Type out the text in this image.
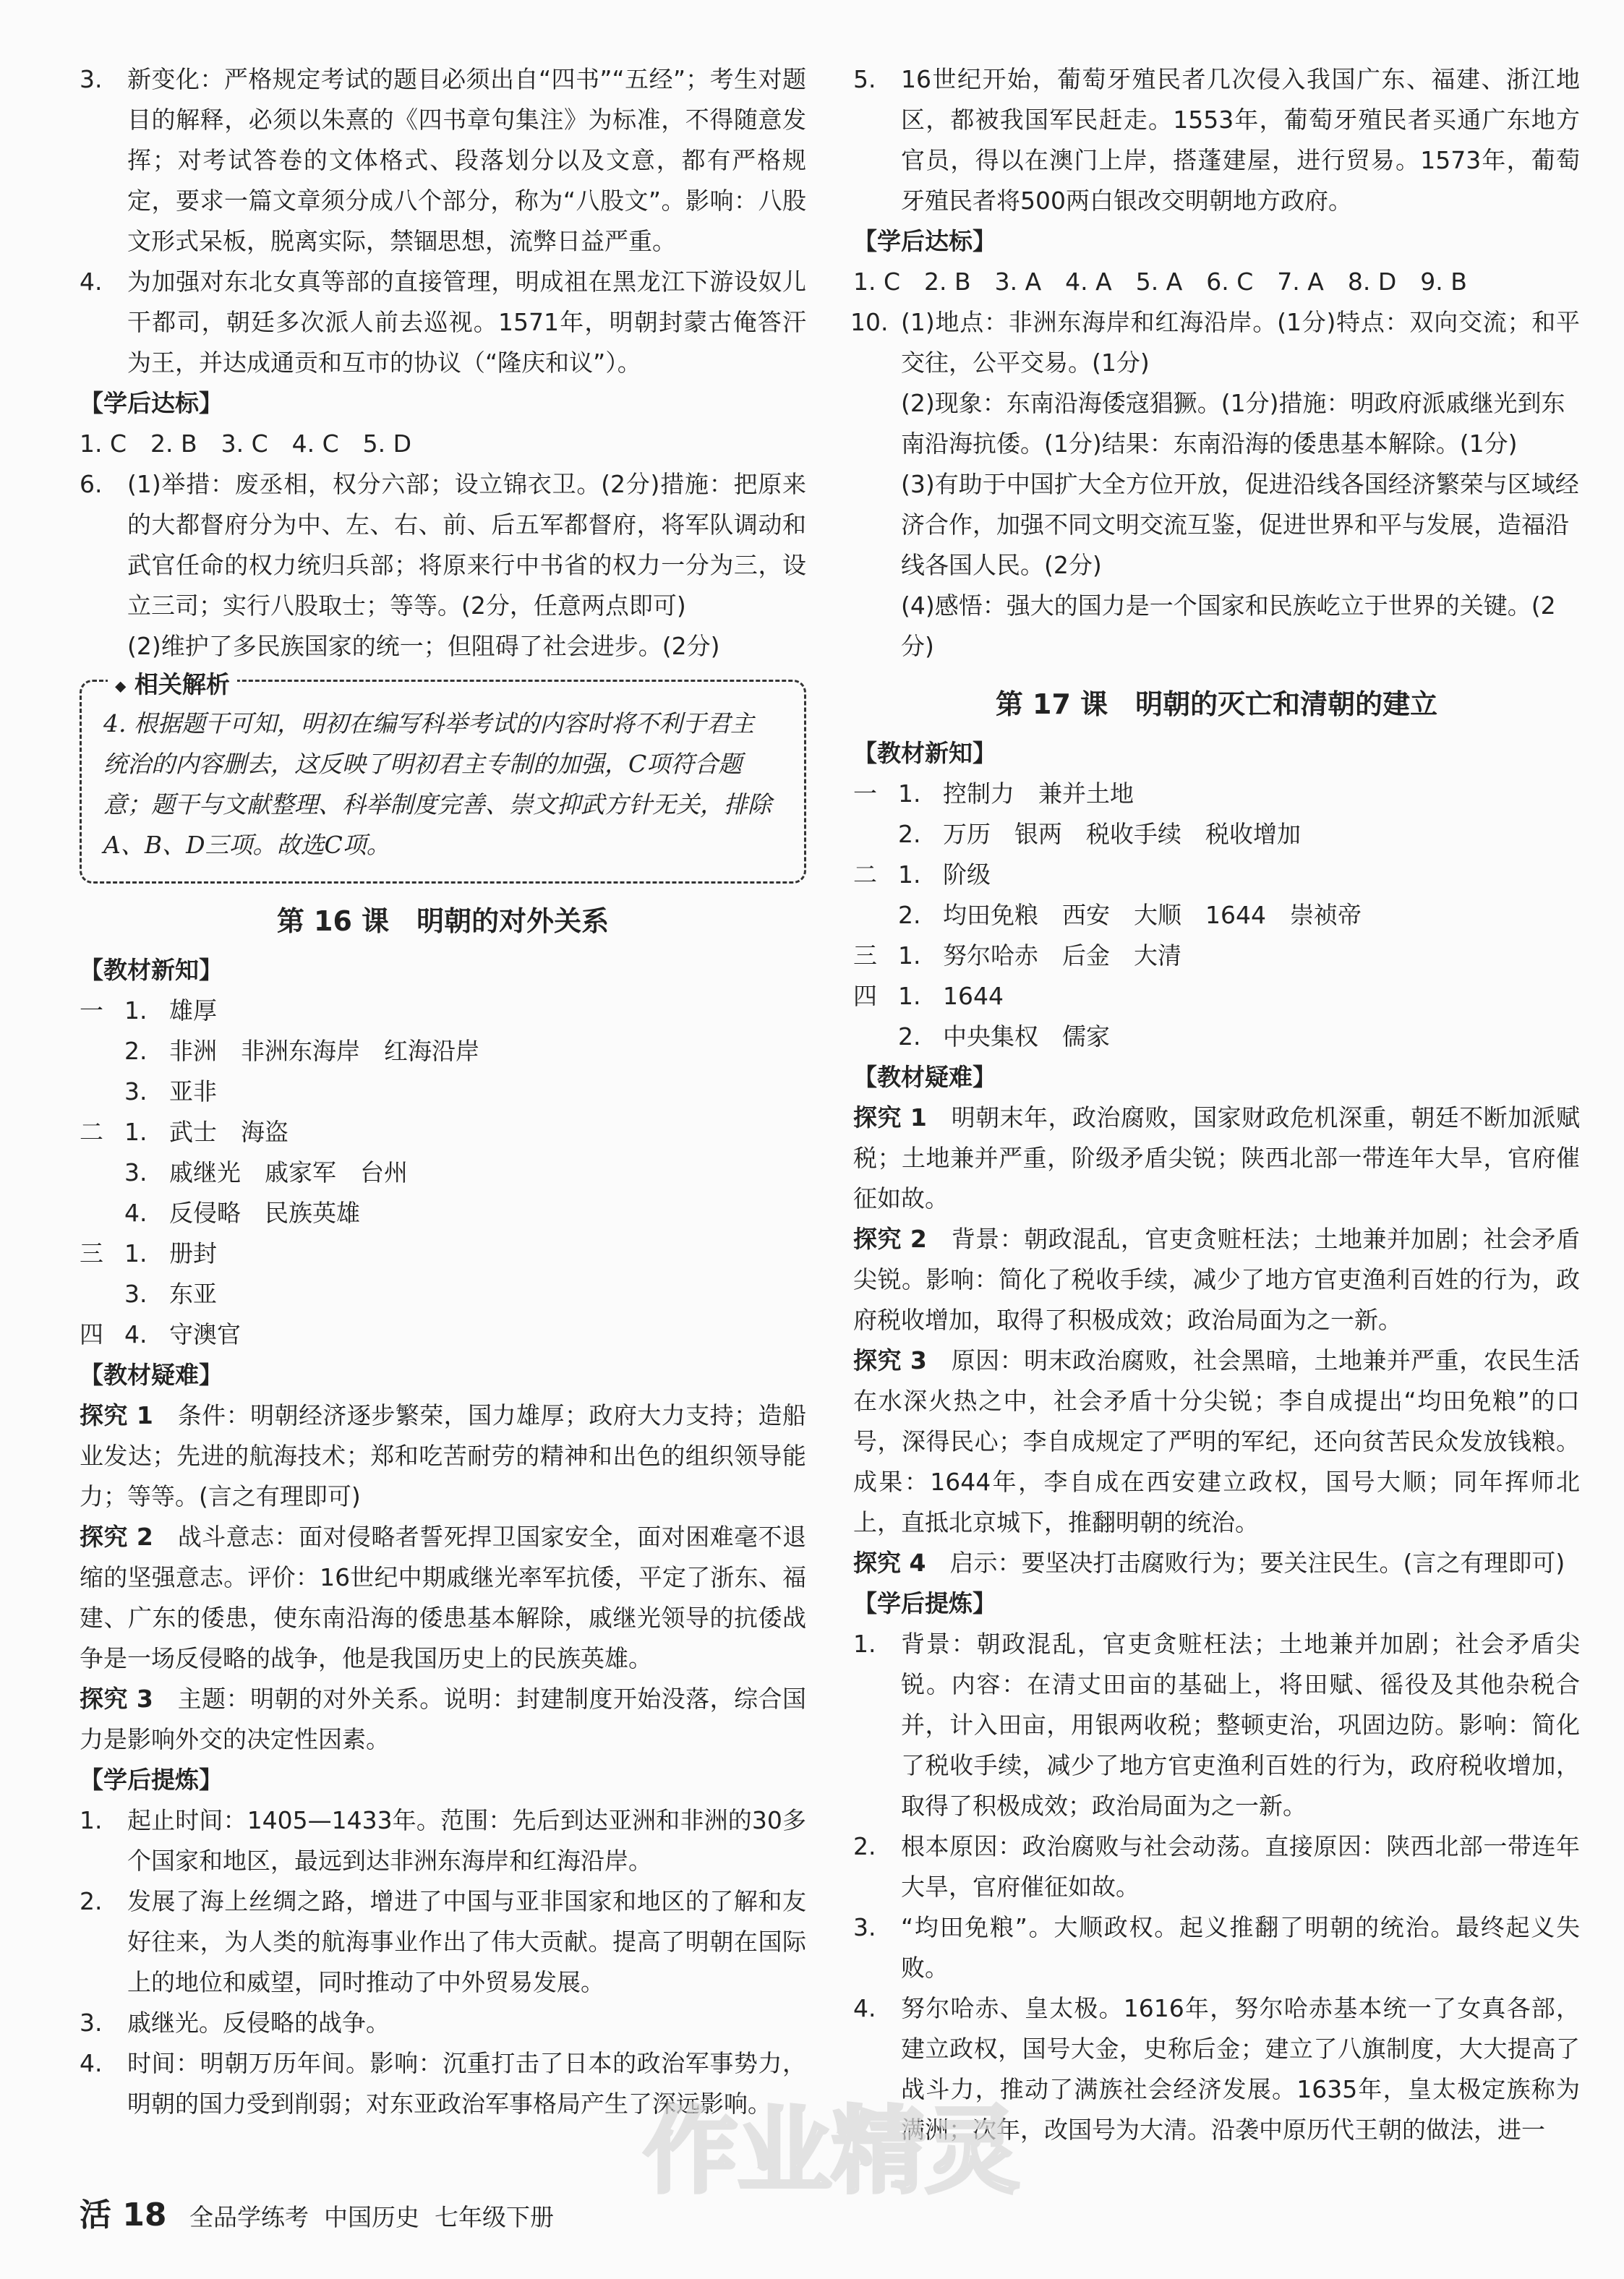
3. 新变化：严格规定考试的题目必须出自“四书”“五经”；考生对题目的解释，必须以朱熹的《四书章句集注》为标准，不得随意发挥；对考试答卷的文体格式、段落划分以及文意，都有严格规定，要求一篇文章须分成八个部分，称为“八股文”。影响：八股文形式呆板，脱离实际，禁锢思想，流弊日益严重。
4. 为加强对东北女真等部的直接管理，明成祖在黑龙江下游设奴儿干都司，朝廷多次派人前去巡视。1571年，明朝封蒙古俺答汗为王，并达成通贡和互市的协议（“隆庆和议”）。

【学后达标】

1. C　2. B　3. C　4. C　5. D

6. (1)举措：废丞相，权分六部；设立锦衣卫。(2分)措施：把原来的大都督府分为中、左、右、前、后五军都督府，将军队调动和武官任命的权力统归兵部；将原来行中书省的权力一分为三，设立三司；实行八股取士；等等。(2分，任意两点即可)

(2)维护了多民族国家的统一；但阻碍了社会进步。(2分)

◆ 相关解析
4. 根据题干可知，明初在编写科举考试的内容时将不利于君主统治的内容删去，这反映了明初君主专制的加强，C项符合题意；题干与文献整理、科举制度完善、崇文抑武方针无关，排除A、B、D三项。故选C项。
第 16 课　明朝的对外关系

【教材新知】

一 1. 雄厚
2. 非洲　非洲东海岸　红海沿岸
3. 亚非
二 1. 武士　海盗
3. 戚继光　戚家军　台州
4. 反侵略　民族英雄
三 1. 册封
3. 东亚
四 4. 守澳官

【教材疑难】

探究 1　 条件：明朝经济逐步繁荣，国力雄厚；政府大力支持；造船业发达；先进的航海技术；郑和吃苦耐劳的精神和出色的组织领导能力；等等。(言之有理即可)

探究 2　 战斗意志：面对侵略者誓死捍卫国家安全，面对困难毫不退缩的坚强意志。评价：16世纪中期戚继光率军抗倭，平定了浙东、福建、广东的倭患，使东南沿海的倭患基本解除，戚继光领导的抗倭战争是一场反侵略的战争，他是我国历史上的民族英雄。

探究 3　 主题：明朝的对外关系。说明：封建制度开始没落，综合国力是影响外交的决定性因素。

【学后提炼】

1. 起止时间：1405—1433年。范围：先后到达亚洲和非洲的30多个国家和地区，最远到达非洲东海岸和红海沿岸。
2. 发展了海上丝绸之路，增进了中国与亚非国家和地区的了解和友好往来，为人类的航海事业作出了伟大贡献。提高了明朝在国际上的地位和威望，同时推动了中外贸易发展。
3. 戚继光。反侵略的战争。
4. 时间：明朝万历年间。影响：沉重打击了日本的政治军事势力，明朝的国力受到削弱；对东亚政治军事格局产生了深远影响。
5. 16世纪开始，葡萄牙殖民者几次侵入我国广东、福建、浙江地区，都被我国军民赶走。1553年，葡萄牙殖民者买通广东地方官员，得以在澳门上岸，搭蓬建屋，进行贸易。1573年，葡萄牙殖民者将500两白银改交明朝地方政府。

【学后达标】

1. C　2. B　3. A　4. A　5. A　6. C　7. A　8. D　9. B

10. (1)地点：非洲东海岸和红海沿岸。(1分)特点：双向交流；和平交往，公平交易。(1分)

(2)现象：东南沿海倭寇猖獗。(1分)措施：明政府派戚继光到东南沿海抗倭。(1分)结果：东南沿海的倭患基本解除。(1分)

(3)有助于中国扩大全方位开放，促进沿线各国经济繁荣与区域经济合作，加强不同文明交流互鉴，促进世界和平与发展，造福沿线各国人民。(2分)

(4)感悟：强大的国力是一个国家和民族屹立于世界的关键。(2分)

第 17 课　明朝的灭亡和清朝的建立

【教材新知】

一 1. 控制力　兼并土地
2. 万历　银两　税收手续　税收增加
二 1. 阶级
2. 均田免粮　西安　大顺　1644　崇祯帝
三 1. 努尔哈赤　后金　大清
四 1. 1644
2. 中央集权　儒家

【教材疑难】

探究 1　 明朝末年，政治腐败，国家财政危机深重，朝廷不断加派赋税；土地兼并严重，阶级矛盾尖锐；陕西北部一带连年大旱，官府催征如故。

探究 2　 背景：朝政混乱，官吏贪赃枉法；土地兼并加剧；社会矛盾尖锐。影响：简化了税收手续，减少了地方官吏渔利百姓的行为，政府税收增加，取得了积极成效；政治局面为之一新。

探究 3　 原因：明末政治腐败，社会黑暗，土地兼并严重，农民生活在水深火热之中，社会矛盾十分尖锐；李自成提出“均田免粮”的口号，深得民心；李自成规定了严明的军纪，还向贫苦民众发放钱粮。成果：1644年，李自成在西安建立政权，国号大顺；同年挥师北上，直抵北京城下，推翻明朝的统治。

探究 4　 启示：要坚决打击腐败行为；要关注民生。(言之有理即可)

【学后提炼】

1. 背景：朝政混乱，官吏贪赃枉法；土地兼并加剧；社会矛盾尖锐。内容：在清丈田亩的基础上，将田赋、徭役及其他杂税合并，计入田亩，用银两收税；整顿吏治，巩固边防。影响：简化了税收手续，减少了地方官吏渔利百姓的行为，政府税收增加，取得了积极成效；政治局面为之一新。
2. 根本原因：政治腐败与社会动荡。直接原因：陕西北部一带连年大旱，官府催征如故。
3. “均田免粮”。大顺政权。起义推翻了明朝的统治。最终起义失败。
4. 努尔哈赤、皇太极。1616年，努尔哈赤基本统一了女真各部，建立政权，国号大金，史称后金；建立了八旗制度，大大提高了战斗力，推动了满族社会经济发展。1635年，皇太极定族称为满洲；次年，改国号为大清。沿袭中原历代王朝的做法，进一
活 18 全品学练考 中国历史 七年级下册
作业精灵
